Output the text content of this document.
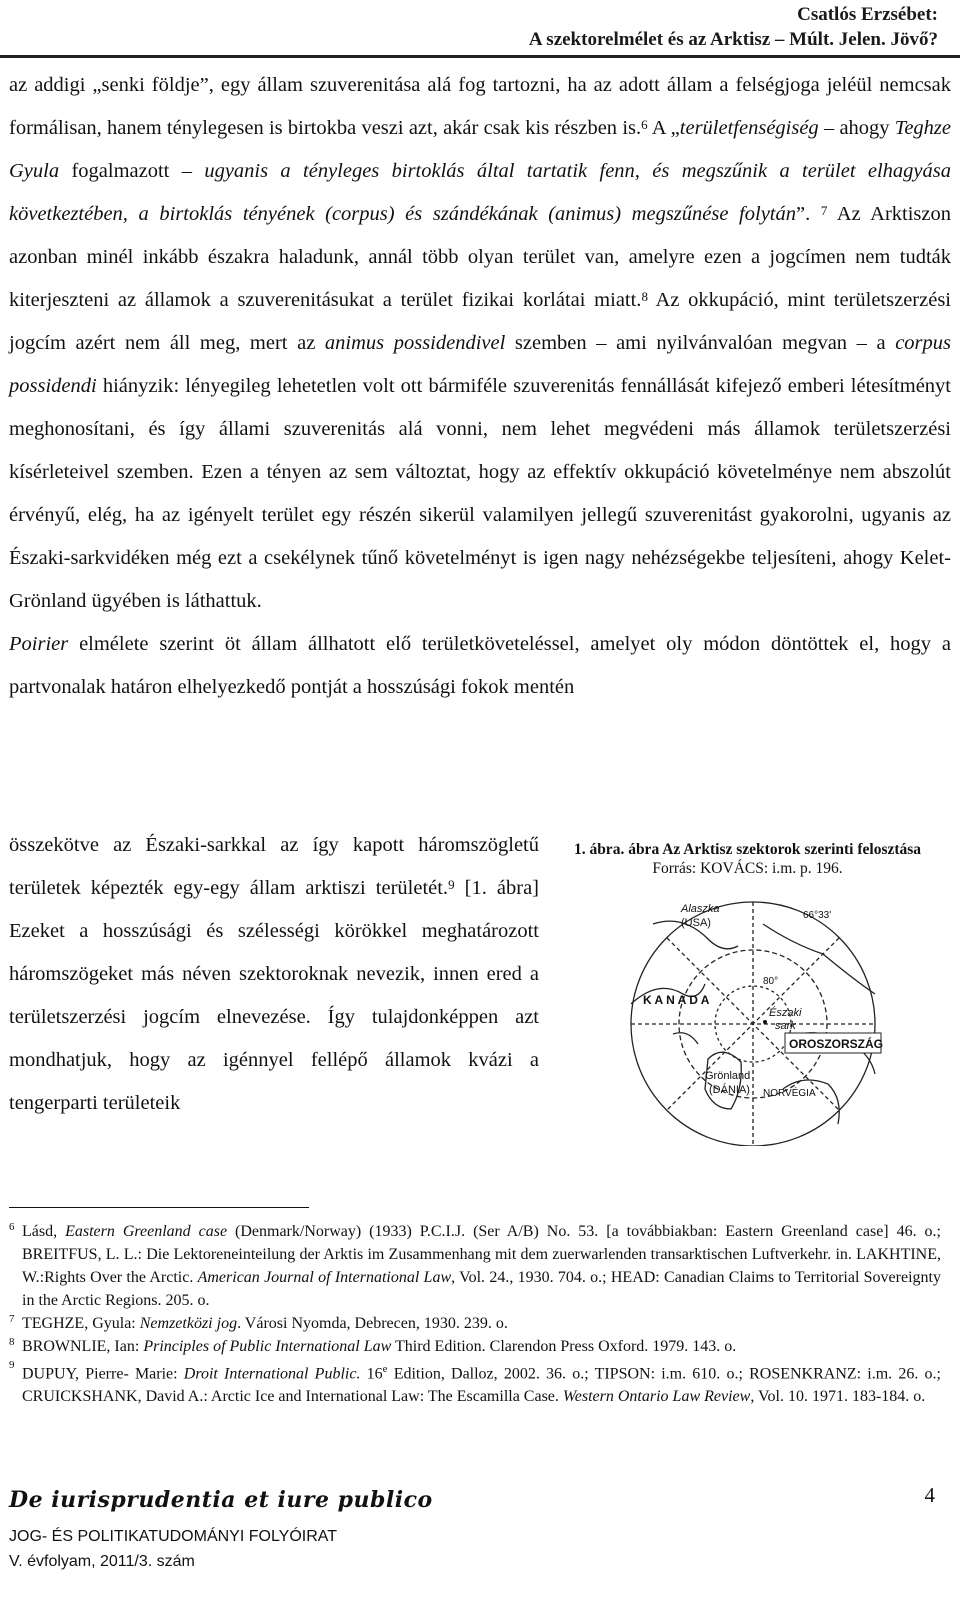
Csatlós Erzsébet:
A szektorelmélet és az Arktisz – Múlt. Jelen. Jövő?

az addigi „senki földje”, egy állam szuverenitása alá fog tartozni, ha az adott állam a felségjoga jeléül nemcsak formálisan, hanem ténylegesen is birtokba veszi azt, akár csak kis részben is.$^6$ A „területfenségiség – ahogy Teghze Gyula fogalmazott – ugyanis a tényleges birtoklás által tartatik fenn, és megszűnik a terület elhagyása következtében, a birtoklás tényének (corpus) és szándékának (animus) megszűnése folytán”. $^7$ Az Arktiszon azonban minél inkább északra haladunk, annál több olyan terület van, amelyre ezen a jogcímen nem tudták kiterjeszteni az államok a szuverenitásukat a terület fizikai korlátai miatt.$^8$ Az okkupáció, mint területszerzési jogcím azért nem áll meg, mert az animus possidendivel szemben – ami nyilvánvalóan megvan – a corpus possidendi hiányzik: lényegileg lehetetlen volt ott bármiféle szuverenitás fennállását kifejező emberi létesítményt meghonosítani, és így állami szuverenitás alá vonni, nem lehet megvédeni más államok területszerzési kísérleteivel szemben. Ezen a tényen az sem változtat, hogy az effektív okkupáció követelménye nem abszolút érvényű, elég, ha az igényelt terület egy részén sikerül valamilyen jellegű szuverenitást gyakorolni, ugyanis az Északi-sarkvidéken még ezt a csekélynek tűnő követelményt is igen nagy nehézségekbe teljesíteni, ahogy Kelet-Grönland ügyében is láthattuk.

Poirier elmélete szerint öt állam állhatott elő területköveteléssel, amelyet oly módon döntöttek el, hogy a partvonalak határon elhelyezkedő pontját a hosszúsági fokok mentén

összekötve az Északi-sarkkal az így kapott háromszögletű területek képezték egy-egy állam arktiszi területét.$^9$ [1. ábra] Ezeket a hosszúsági és szélességi körökkel meghatározott háromszögeket más néven szektoroknak nevezik, innen ered a területszerzési jogcím elnevezése. Így tulajdonképpen azt mondhatjuk, hogy az igénnyel fellépő államok kvázi a tengerparti területeik
1. ábra. ábra Az Arktisz szektorok szerinti felosztása
Forrás: KOVÁCS: i.m. p. 196.
Alaszka
(USA)
66°33'
80°
K A N A D A
Északi
sark
OROSZORSZÁG
Grönland
(DÁNIA) NORVÉGIA
6 Lásd, Eastern Greenland case (Denmark/Norway) (1933) P.C.I.J. (Ser A/B) No. 53. [a továbbiakban: Eastern Greenland case] 46. o.; BREITFUS, L. L.: Die Lektoreneinteilung der Arktis im Zusammenhang mit dem zuerwarlenden transarktischen Luftverkehr. in. LAKHTINE, W.:Rights Over the Arctic. American Journal of International Law, Vol. 24., 1930. 704. o.; HEAD: Canadian Claims to Territorial Sovereignty in the Arctic Regions. 205. o.
7 TEGHZE, Gyula: Nemzetközi jog. Városi Nyomda, Debrecen, 1930. 239. o.
8 BROWNLIE, Ian: Principles of Public International Law Third Edition. Clarendon Press Oxford. 1979. 143. o.
9
DUPUY, Pierre- Marie: Droit International Public. 16e Edition, Dalloz, 2002. 36. o.; TIPSON: i.m. 610. o.; ROSENKRANZ: i.m. 26. o.; CRUICKSHANK, David A.: Arctic Ice and International Law: The Escamilla Case. Western Ontario Law Review, Vol. 10. 1971. 183-184. o.
De iurisprudentia et iure publico
JOG- ÉS POLITIKATUDOMÁNYI FOLYÓIRAT
V. évfolyam, 2011/3. szám
4
